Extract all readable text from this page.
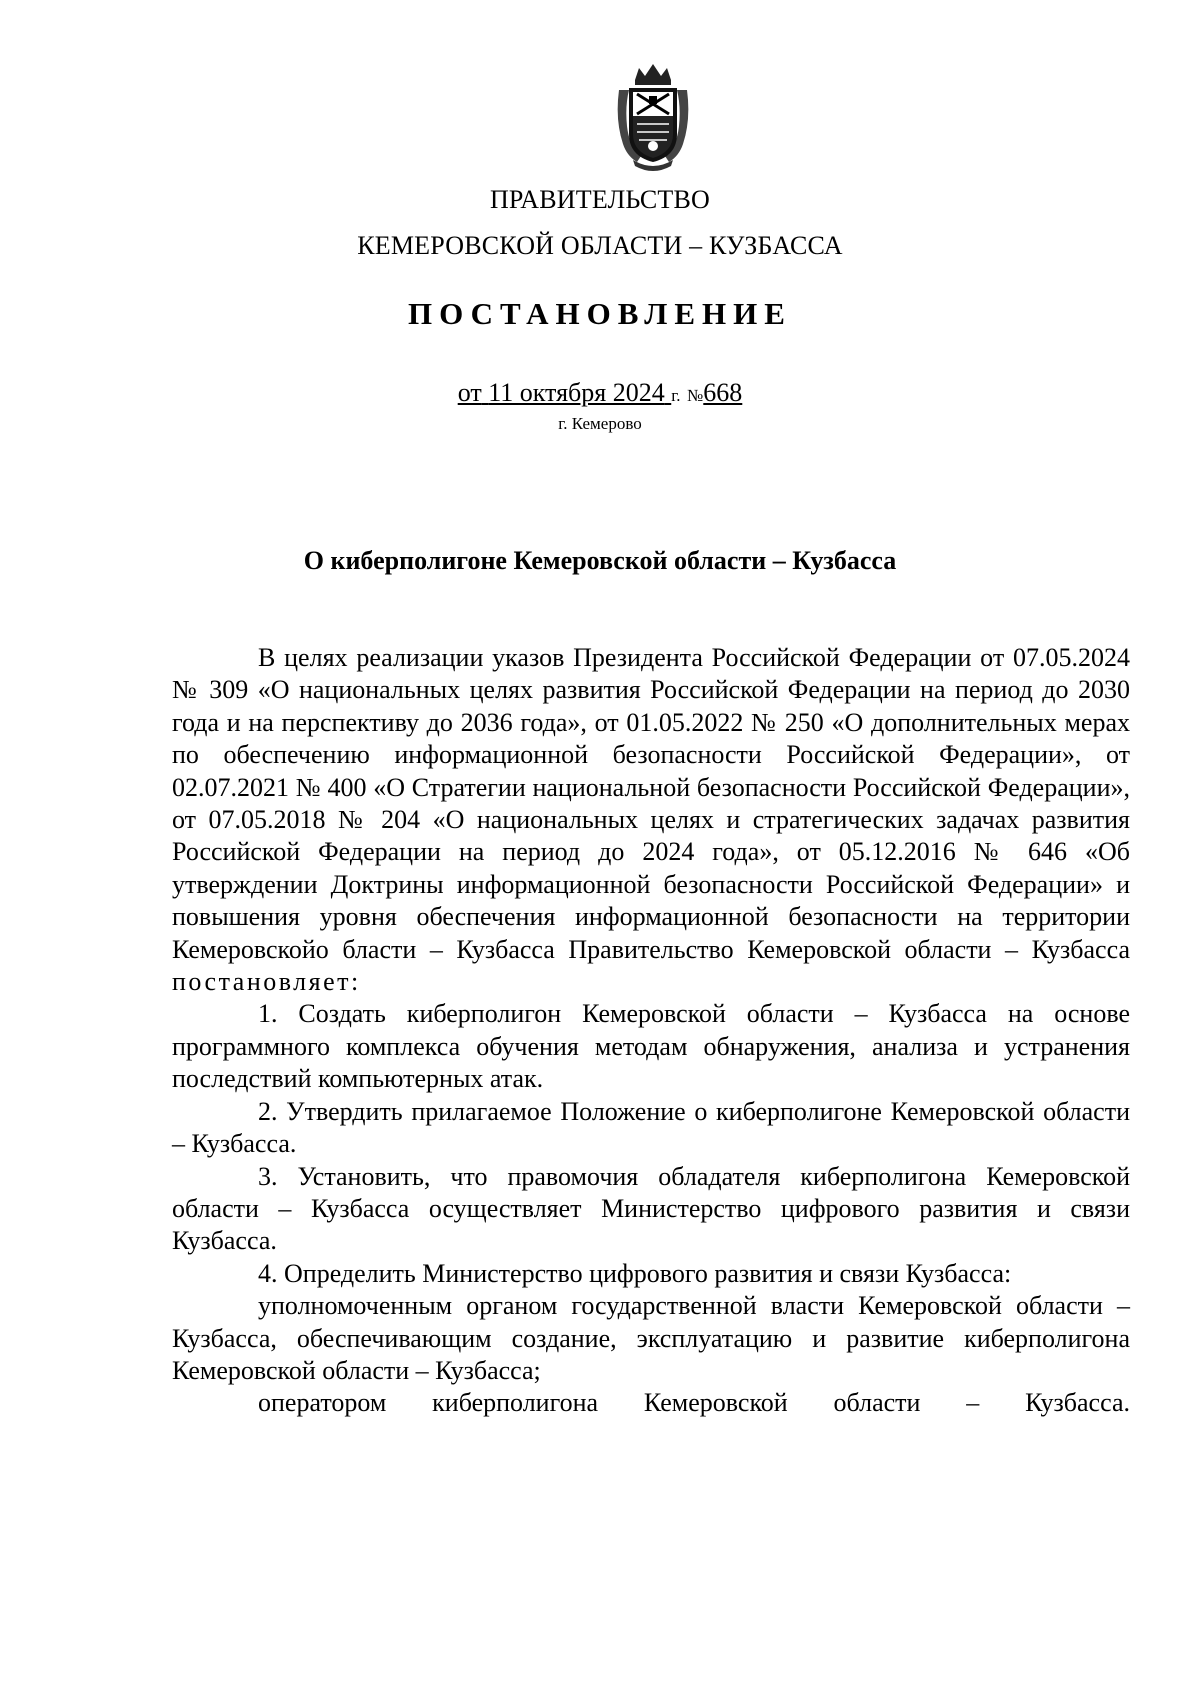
ПРАВИТЕЛЬСТВО
КЕМЕРОВСКОЙ ОБЛАСТИ – КУЗБАССА
ПОСТАНОВЛЕНИЕ
от 11 октября 2024 г. №668
г. Кемерово
О киберполигоне Кемеровской области – Кузбасса

В целях реализации указов Президента Российской Федерации от 07.05.2024 № 309 «О национальных целях развития Российской Федерации на период до 2030 года и на перспективу до 2036 года», от 01.05.2022 № 250 «О дополнительных мерах по обеспечению информационной безопасности Российской Федерации», от 02.07.2021 № 400 «О Стратегии национальной безопасности Российской Федерации», от 07.05.2018 № 204 «О национальных целях и стратегических задачах развития Российской Федерации на период до 2024 года», от 05.12.2016 № 646 «Об утверждении Доктрины информационной безопасности Российской Федерации» и повышения уровня обеспечения информационной безопасности на территории Кемеровскойо бласти – Кузбасса Правительство Кемеровской области – Кузбасса постановляет:

1. Создать киберполигон Кемеровской области – Кузбасса на основе программного комплекса обучения методам обнаружения, анализа и устранения последствий компьютерных атак.

2. Утвердить прилагаемое Положение о киберполигоне Кемеровской области – Кузбасса.

3. Установить, что правомочия обладателя киберполигона Кемеровской области – Кузбасса осуществляет Министерство цифрового развития и связи Кузбасса.

4. Определить Министерство цифрового развития и связи Кузбасса:

уполномоченным органом государственной власти Кемеровской области – Кузбасса, обеспечивающим создание, эксплуатацию и развитие киберполигона Кемеровской области – Кузбасса;

оператором киберполигона Кемеровской области – Кузбасса.
